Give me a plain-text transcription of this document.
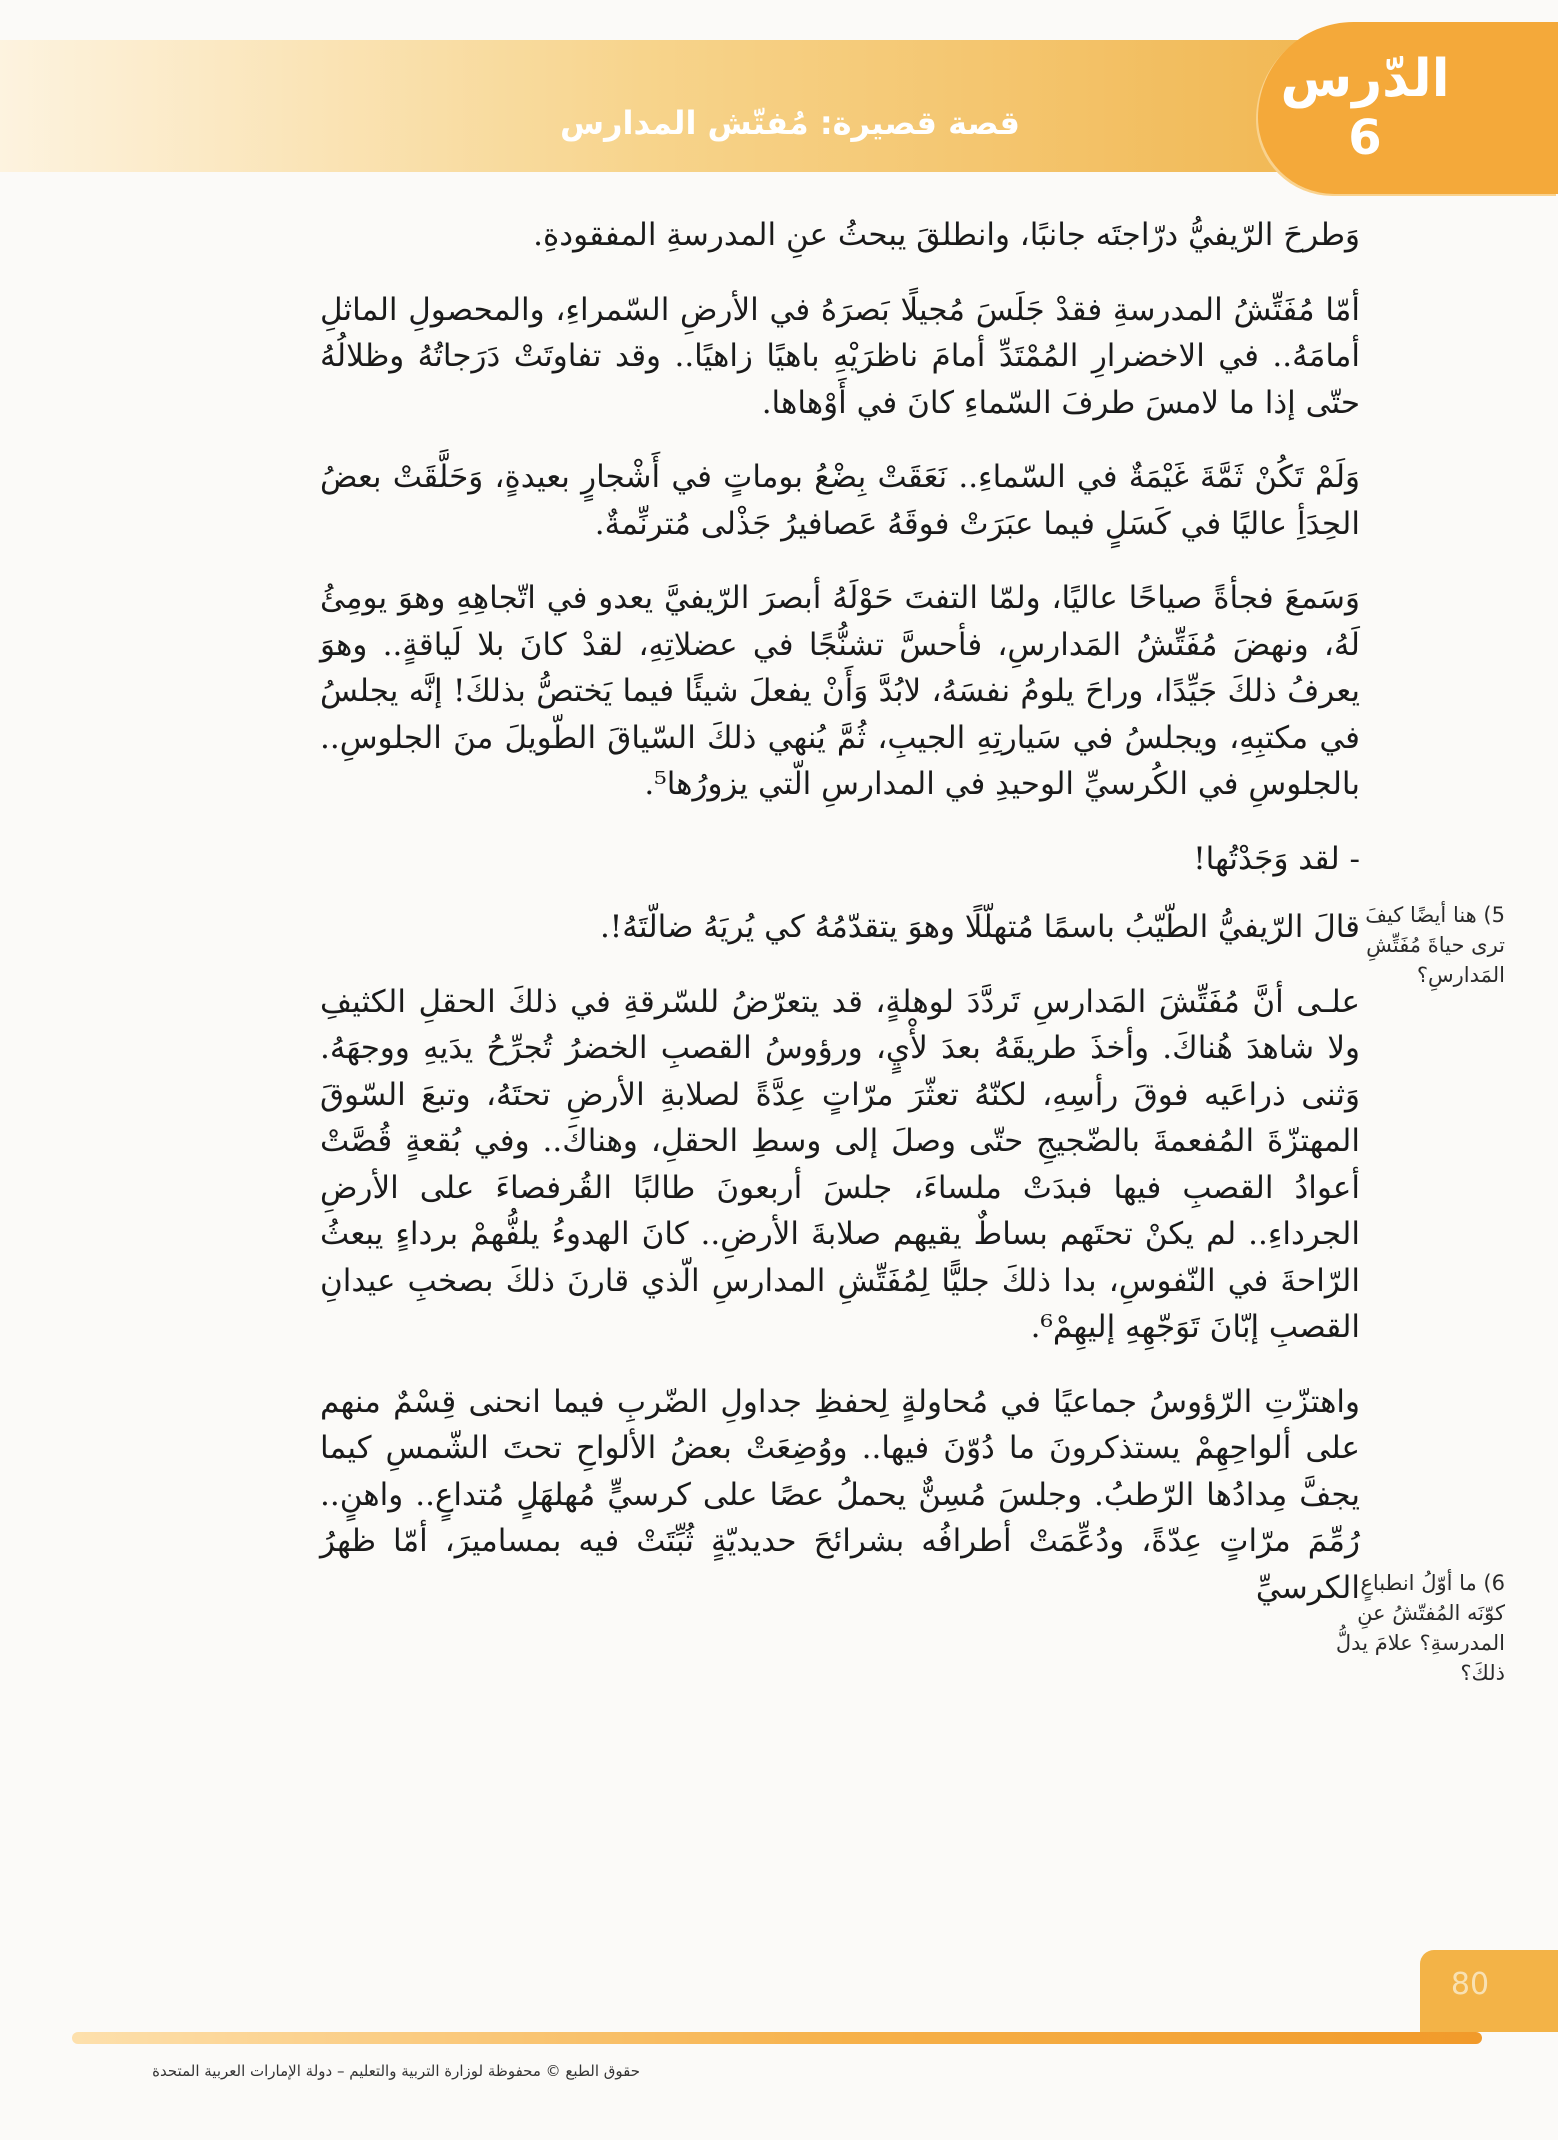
قصة قصيرة: مُفتّش المدارس
الدّرس
6

وَطرحَ الرّيفيُّ درّاجتَه جانبًا، وانطلقَ يبحثُ عنِ المدرسةِ المفقودةِ.

أمّا مُفَتِّشُ المدرسةِ فقدْ جَلَسَ مُجيلًا بَصرَهُ في الأرضِ السّمراءِ، والمحصولِ الماثلِ أمامَهُ.. في الاخضرارِ المُمْتَدِّ أمامَ ناظرَيْهِ باهيًا زاهيًا.. وقد تفاوتَتْ دَرَجاتُهُ وظلالُهُ حتّى إذا ما لامسَ طرفَ السّماءِ كانَ في أَوْهاها.

وَلَمْ تَكُنْ ثَمَّةَ غَيْمَةٌ في السّماءِ.. نَعَقَتْ بِضْعُ بوماتٍ في أَشْجارٍ بعيدةٍ، وَحَلَّقَتْ بعضُ الحِدَأِ عاليًا في كَسَلٍ فيما عبَرَتْ فوقَهُ عَصافيرُ جَذْلى مُترنِّمةٌ.

وَسَمعَ فجأةً صياحًا عاليًا، ولمّا التفتَ حَوْلَهُ أبصرَ الرّيفيَّ يعدو في اتّجاهِهِ وهوَ يومِئُ لَهُ، ونهضَ مُفَتِّشُ المَدارسِ، فأحسَّ تشنُّجًا في عضلاتِهِ، لقدْ كانَ بلا لَياقةٍ.. وهوَ يعرفُ ذلكَ جَيِّدًا، وراحَ يلومُ نفسَهُ، لابُدَّ وَأَنْ يفعلَ شيئًا فيما يَختصُّ بذلكَ! إنَّه يجلسُ في مكتبِهِ، ويجلسُ في سَيارتِهِ الجيبِ، ثُمَّ يُنهي ذلكَ السّياقَ الطّويلَ منَ الجلوسِ.. بالجلوسِ في الكُرسيِّ الوحيدِ في المدارسِ الّتي يزورُها⁵.

- لقد وَجَدْتُها!

قالَ الرّيفيُّ الطّيّبُ باسمًا مُتهلّلًا وهوَ يتقدّمُهُ كي يُريَهُ ضالّتَهُ!.

علـى أنَّ مُفَتِّشَ المَدارسِ تَردَّدَ لوهلةٍ، قد يتعرّضُ للسّرقةِ في ذلكَ الحقلِ الكثيفِ ولا شاهدَ هُناكَ. وأخذَ طريقَهُ بعدَ لأْيٍ، ورؤوسُ القصبِ الخضرُ تُجرِّحُ يدَيهِ ووجهَهُ. وَثنى ذراعَيه فوقَ رأسِهِ، لكنّهُ تعثّرَ مرّاتٍ عِدَّةً لصلابةِ الأرضِ تحتَهُ، وتبعَ السّوقَ المهتزّةَ المُفعمةَ بالضّجيجِ حتّى وصلَ إلى وسطِ الحقلِ، وهناكَ.. وفي بُقعةٍ قُصَّتْ أعوادُ القصبِ فيها فبدَتْ ملساءَ، جلسَ أربعونَ طالبًا القُرفصاءَ على الأرضِ الجرداءِ.. لم يكنْ تحتَهم بساطٌ يقيهم صلابةَ الأرضِ.. كانَ الهدوءُ يلفُّهمْ برداءٍ يبعثُ الرّاحةَ في النّفوسِ، بدا ذلكَ جليًّا لِمُفَتِّشِ المدارسِ الّذي قارنَ ذلكَ بصخبِ عيدانِ القصبِ إبّانَ تَوَجّهِهِ إليهِمْ⁶.

واهتزّتِ الرّؤوسُ جماعيًا في مُحاولةٍ لِحفظِ جداولِ الضّربِ فيما انحنى قِسْمٌ منهم على ألواحِهِمْ يستذكرونَ ما دُوّنَ فيها.. ووُضِعَتْ بعضُ الألواحِ تحتَ الشّمسِ كيما يجفَّ مِدادُها الرّطبُ. وجلسَ مُسِنٌّ يحملُ عصًا على كرسيٍّ مُهلهَلٍ مُتداعٍ.. واهنٍ.. رُمِّمَ مرّاتٍ عِدّةً، ودُعِّمَتْ أطرافُه بشرائحَ حديديّةٍ ثُبِّتَتْ فيه بمساميرَ، أمّا ظهرُ الكرسيِّ

5) هنا أيضًا كيفَ ترى حياةَ مُفَتِّشِ المَدارسِ؟
6) ما أوّلُ انطباعٍ كوّنَه المُفتّشُ عنِ المدرسةِ؟ علامَ يدلُّ ذلكَ؟
80
حقوق الطبع © محفوظة لوزارة التربية والتعليم – دولة الإمارات العربية المتحدة
